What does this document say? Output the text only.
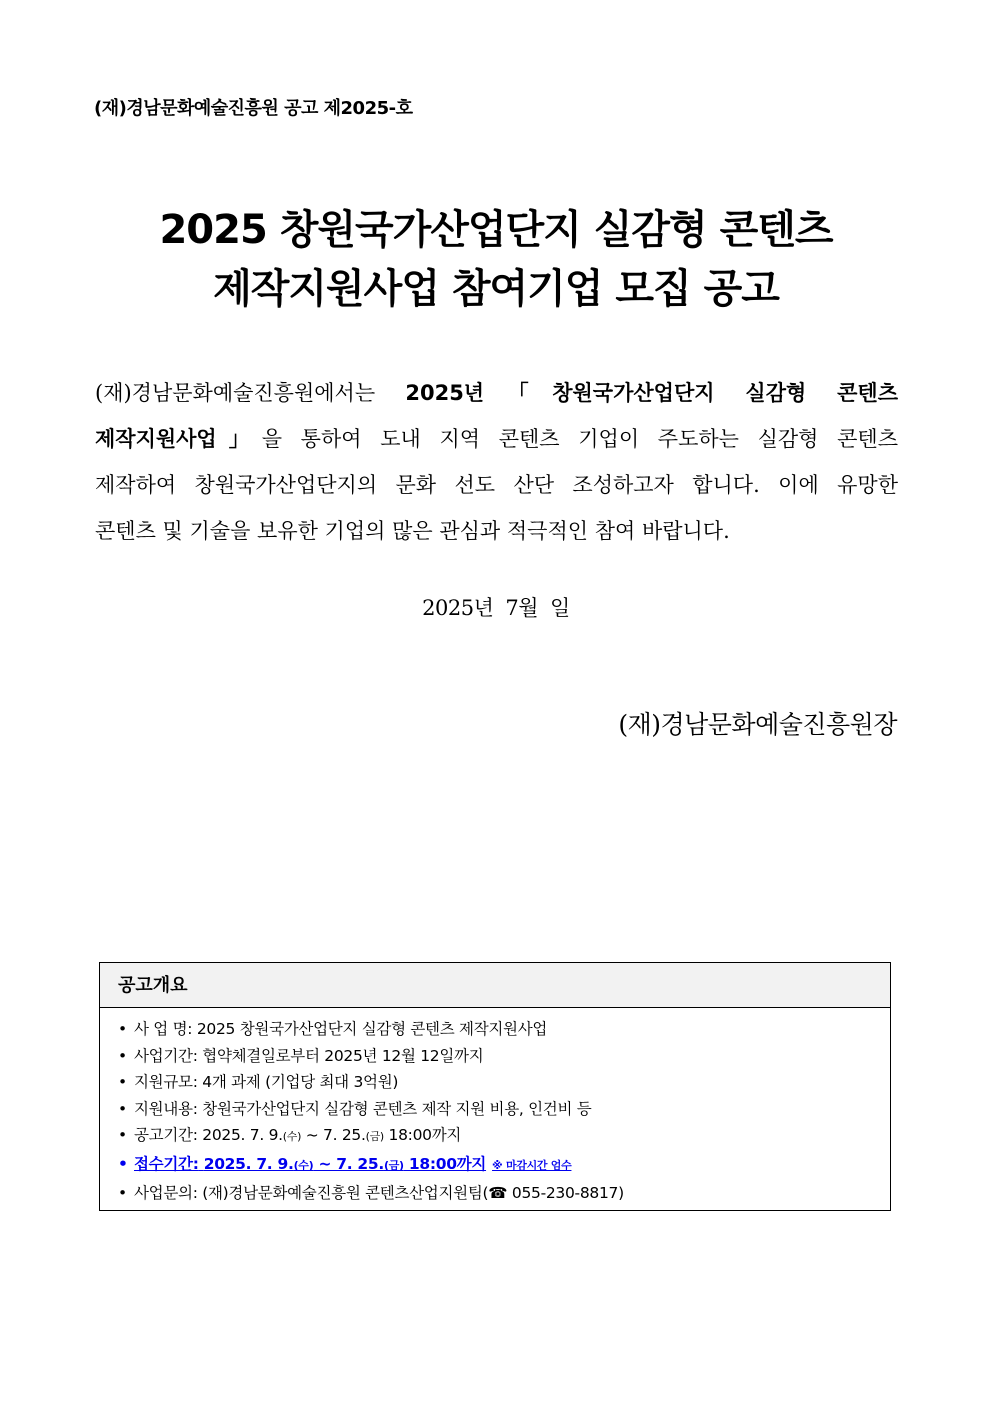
(재)경남문화예술진흥원 공고 제2025-호
2025 창원국가산업단지 실감형 콘텐츠
제작지원사업 참여기업 모집 공고
(재)경남문화예술진흥원에서는 2025년「창원국가산업단지 실감형 콘텐츠
제작지원사업」을 통하여 도내 지역 콘텐츠 기업이 주도하는 실감형 콘텐츠
제작하여 창원국가산업단지의 문화 선도 산단 조성하고자 합니다. 이에 유망한
콘텐츠 및 기술을 보유한 기업의 많은 관심과 적극적인 참여 바랍니다.
2025년 7월 일
(재)경남문화예술진흥원장
공고개요
• 사 업 명: 2025 창원국가산업단지 실감형 콘텐츠 제작지원사업
• 사업기간: 협약체결일로부터 2025년 12월 12일까지
• 지원규모: 4개 과제 (기업당 최대 3억원)
• 지원내용: 창원국가산업단지 실감형 콘텐츠 제작 지원 비용, 인건비 등
• 공고기간: 2025. 7. 9.(수) ~ 7. 25.(금) 18:00까지
• 접수기간: 2025. 7. 9.(수) ~ 7. 25.(금) 18:00까지 ※ 마감시간 엄수
• 사업문의: (재)경남문화예술진흥원 콘텐츠산업지원팀(☎ 055-230-8817)
